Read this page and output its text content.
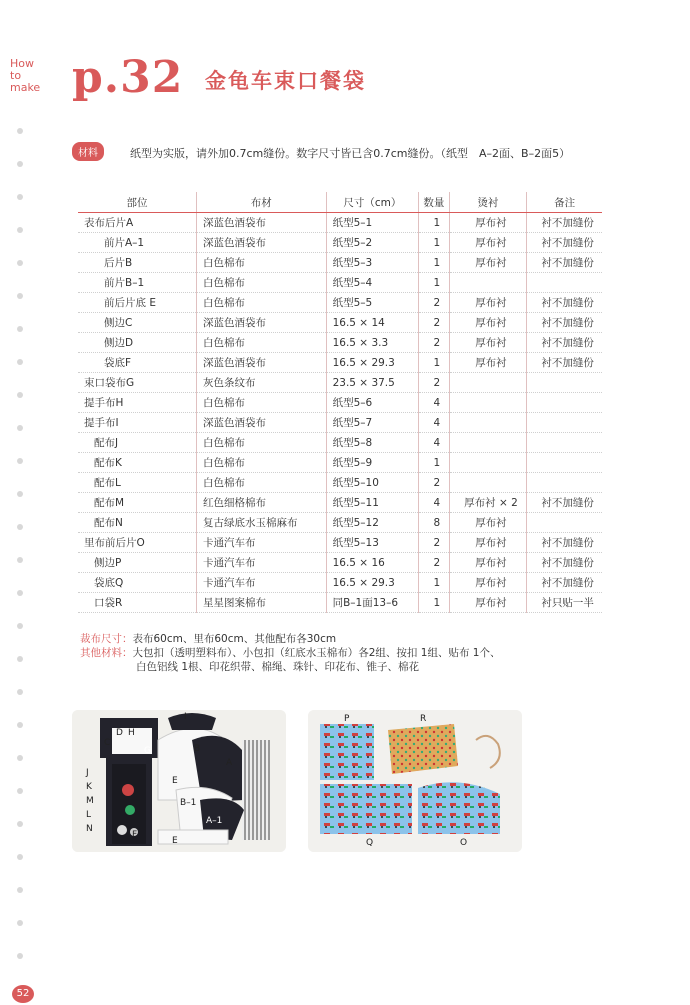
How
to
make p.32 金龟车束口餐袋
材料	纸型为实版，请外加0.7cm缝份。数字尺寸皆已含0.7cm缝份。（纸型　A–2面、B–2面5）
部位	布材	尺寸（cm）	数量	烫衬	备注
表布后片A	深蓝色酒袋布	纸型5–1	1	厚布衬	衬不加缝份
前片A–1	深蓝色酒袋布	纸型5–2	1	厚布衬	衬不加缝份
后片B	白色棉布	纸型5–3	1	厚布衬	衬不加缝份
前片B–1	白色棉布	纸型5–4	1		
前后片底 E	白色棉布	纸型5–5	2	厚布衬	衬不加缝份
侧边C	深蓝色酒袋布	16.5 × 14	2	厚布衬	衬不加缝份
侧边D	白色棉布	16.5 × 3.3	2	厚布衬	衬不加缝份
袋底F	深蓝色酒袋布	16.5 × 29.3	1	厚布衬	衬不加缝份
束口袋布G	灰色条纹布	23.5 × 37.5	2		
提手布H	白色棉布	纸型5–6	4		
提手布I	深蓝色酒袋布	纸型5–7	4		
配布J	白色棉布	纸型5–8	4		
配布K	白色棉布	纸型5–9	1		
配布L	白色棉布	纸型5–10	2		
配布M	红色细格棉布	纸型5–11	4	厚布衬 × 2	衬不加缝份
配布N	复古绿底水玉棉麻布	纸型5–12	8	厚布衬	
里布前后片O	卡通汽车布	纸型5–13	2	厚布衬	衬不加缝份
侧边P	卡通汽车布	16.5 × 16	2	厚布衬	衬不加缝份
袋底Q	卡通汽车布	16.5 × 29.3	1	厚布衬	衬不加缝份
口袋R	星星图案棉布	同B–1面13–6	1	厚布衬	衬只贴一半
裁布尺寸：表布60cm、里布60cm、其他配布各30cm
其他材料：大包扣（透明塑料布）、小包扣（红底水玉棉布）各2组、按扣 1组、贴布 1个、
白色铝线 1根、印花织带、棉绳、珠针、印花布、锥子、棉花
I
H
D
C
G	B
A
J
K
M
L
N
E
B–1
A–1
F
E
P	R
Q	O
52
